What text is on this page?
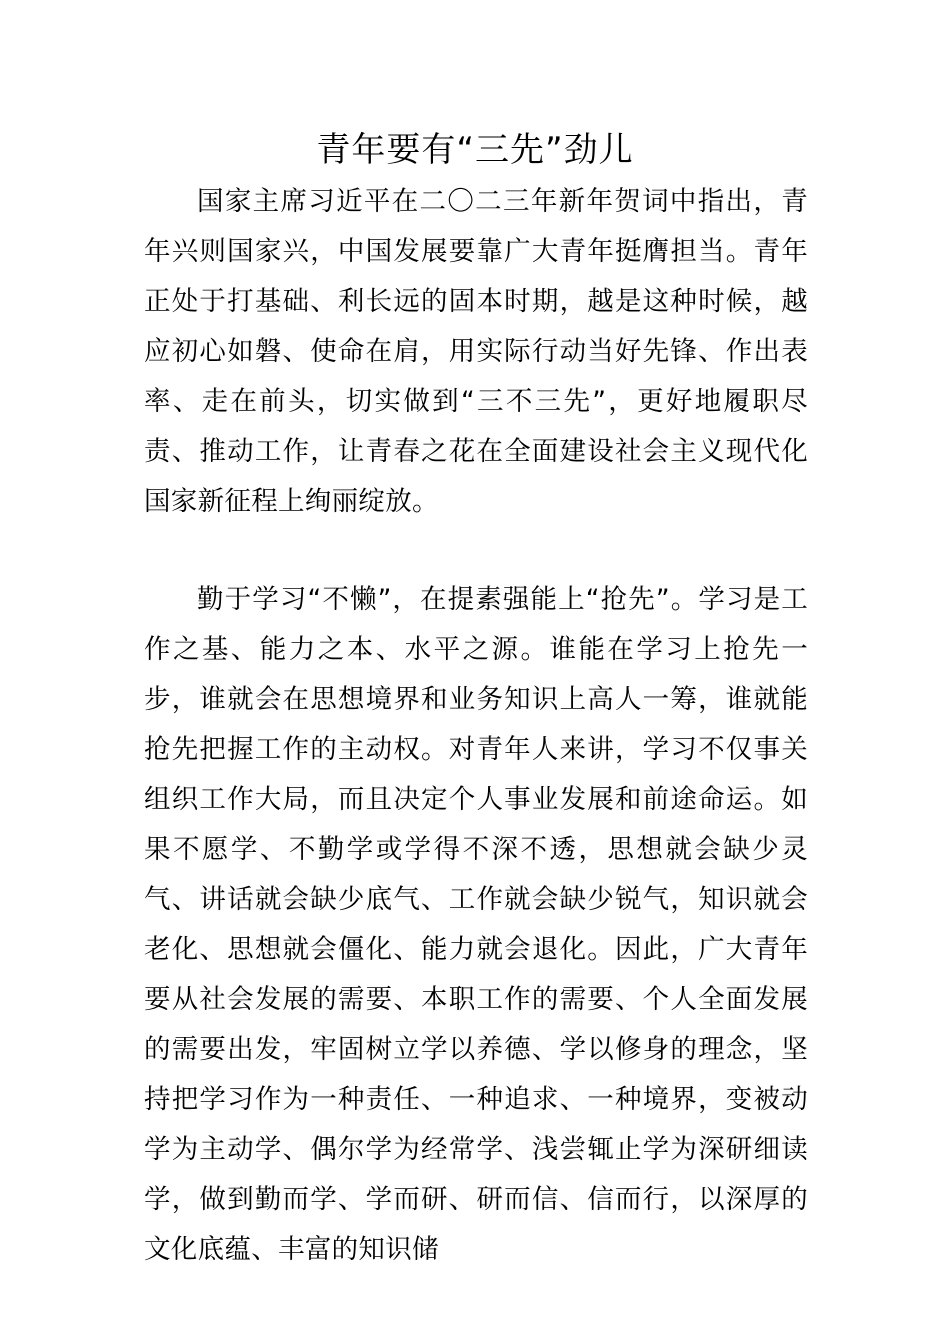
青年要有“三先”劲儿

国家主席习近平在二〇二三年新年贺词中指出，青年兴则国家兴，中国发展要靠广大青年挺膺担当。青年正处于打基础、利长远的固本时期，越是这种时候，越应初心如磐、使命在肩，用实际行动当好先锋、作出表率、走在前头，切实做到“三不三先”，更好地履职尽责、推动工作，让青春之花在全面建设社会主义现代化国家新征程上绚丽绽放。

勤于学习“不懒”，在提素强能上“抢先”。学习是工作之基、能力之本、水平之源。谁能在学习上抢先一步，谁就会在思想境界和业务知识上高人一筹，谁就能抢先把握工作的主动权。对青年人来讲，学习不仅事关组织工作大局，而且决定个人事业发展和前途命运。如果不愿学、不勤学或学得不深不透，思想就会缺少灵气、讲话就会缺少底气、工作就会缺少锐气，知识就会老化、思想就会僵化、能力就会退化。因此，广大青年要从社会发展的需要、本职工作的需要、个人全面发展的需要出发，牢固树立学以养德、学以修身的理念，坚持把学习作为一种责任、一种追求、一种境界，变被动学为主动学、偶尔学为经常学、浅尝辄止学为深研细读学，做到勤而学、学而研、研而信、信而行，以深厚的文化底蕴、丰富的知识储
